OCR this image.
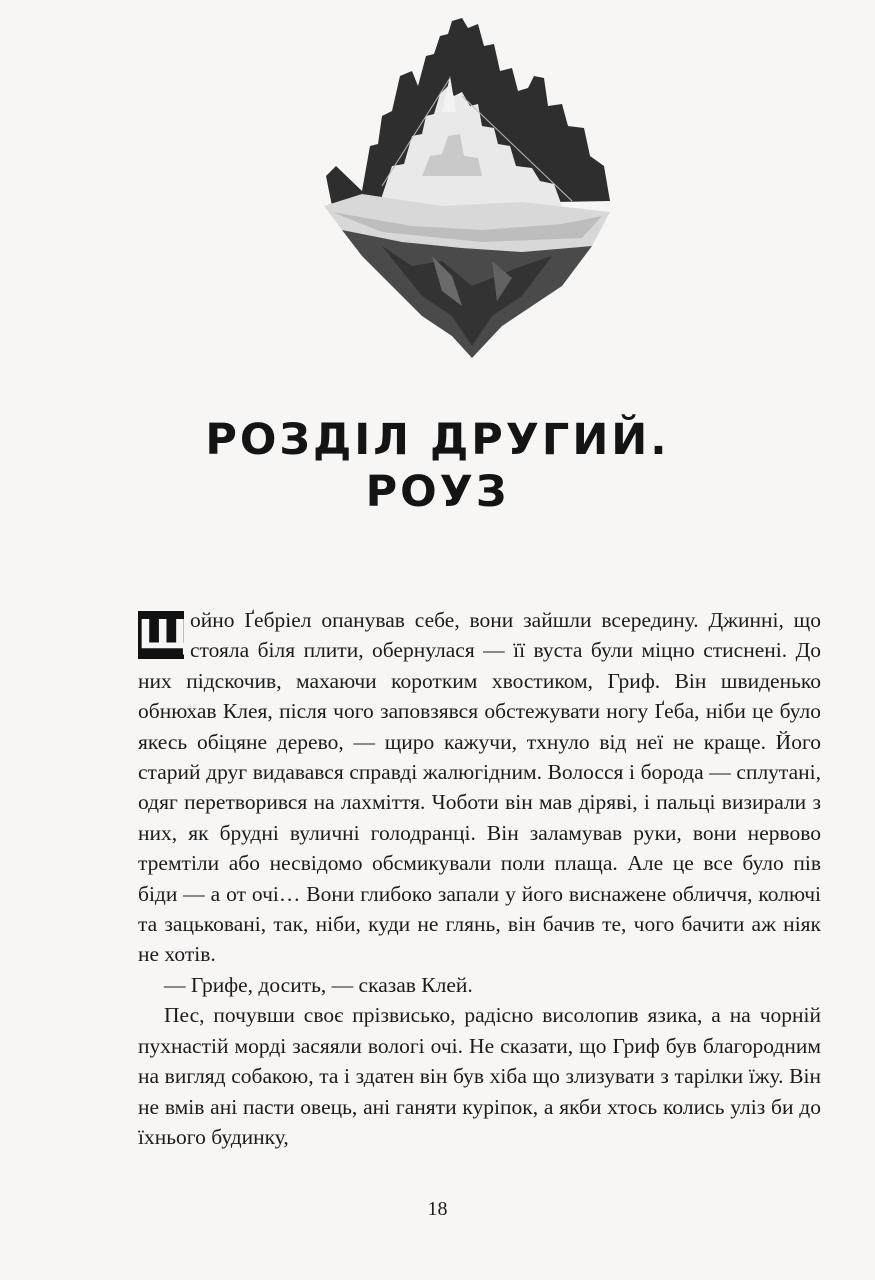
РОЗДІЛ ДРУГИЙ.
РОУЗ

Щ
ойно Ґебріел опанував себе, вони зайшли всередину. Джинні, що стояла біля плити, обернулася — її вуста були міцно стиснені. До них підскочив, махаючи коротким хвостиком, Гриф. Він швиденько обнюхав Клея, після чого заповзявся обстежувати ногу Ґеба, ніби це було якесь обіцяне дерево, — щиро кажучи, тхнуло від неї не краще. Його старий друг видавався справді жалюгідним. Волосся і борода — сплутані, одяг перетворився на лахміття. Чоботи він мав діряві, і пальці визирали з них, як брудні вуличні голодранці. Він заламував руки, вони нервово тремтіли або несвідомо обсмикували поли плаща. Але це все було пів біди — а от очі… Вони глибоко запали у його виснажене обличчя, колючі та зацьковані, так, ніби, куди не глянь, він бачив те, чого бачити аж ніяк не хотів.

— Грифе, досить, — сказав Клей.

Пес, почувши своє прізвисько, радісно висолопив язика, а на чорній пухнастій морді засяяли вологі очі. Не сказати, що Гриф був благородним на вигляд собакою, та і здатен він був хіба що злизувати з тарілки їжу. Він не вмів ані пасти овець, ані ганяти куріпок, а якби хтось колись уліз би до їхнього будинку,

18
